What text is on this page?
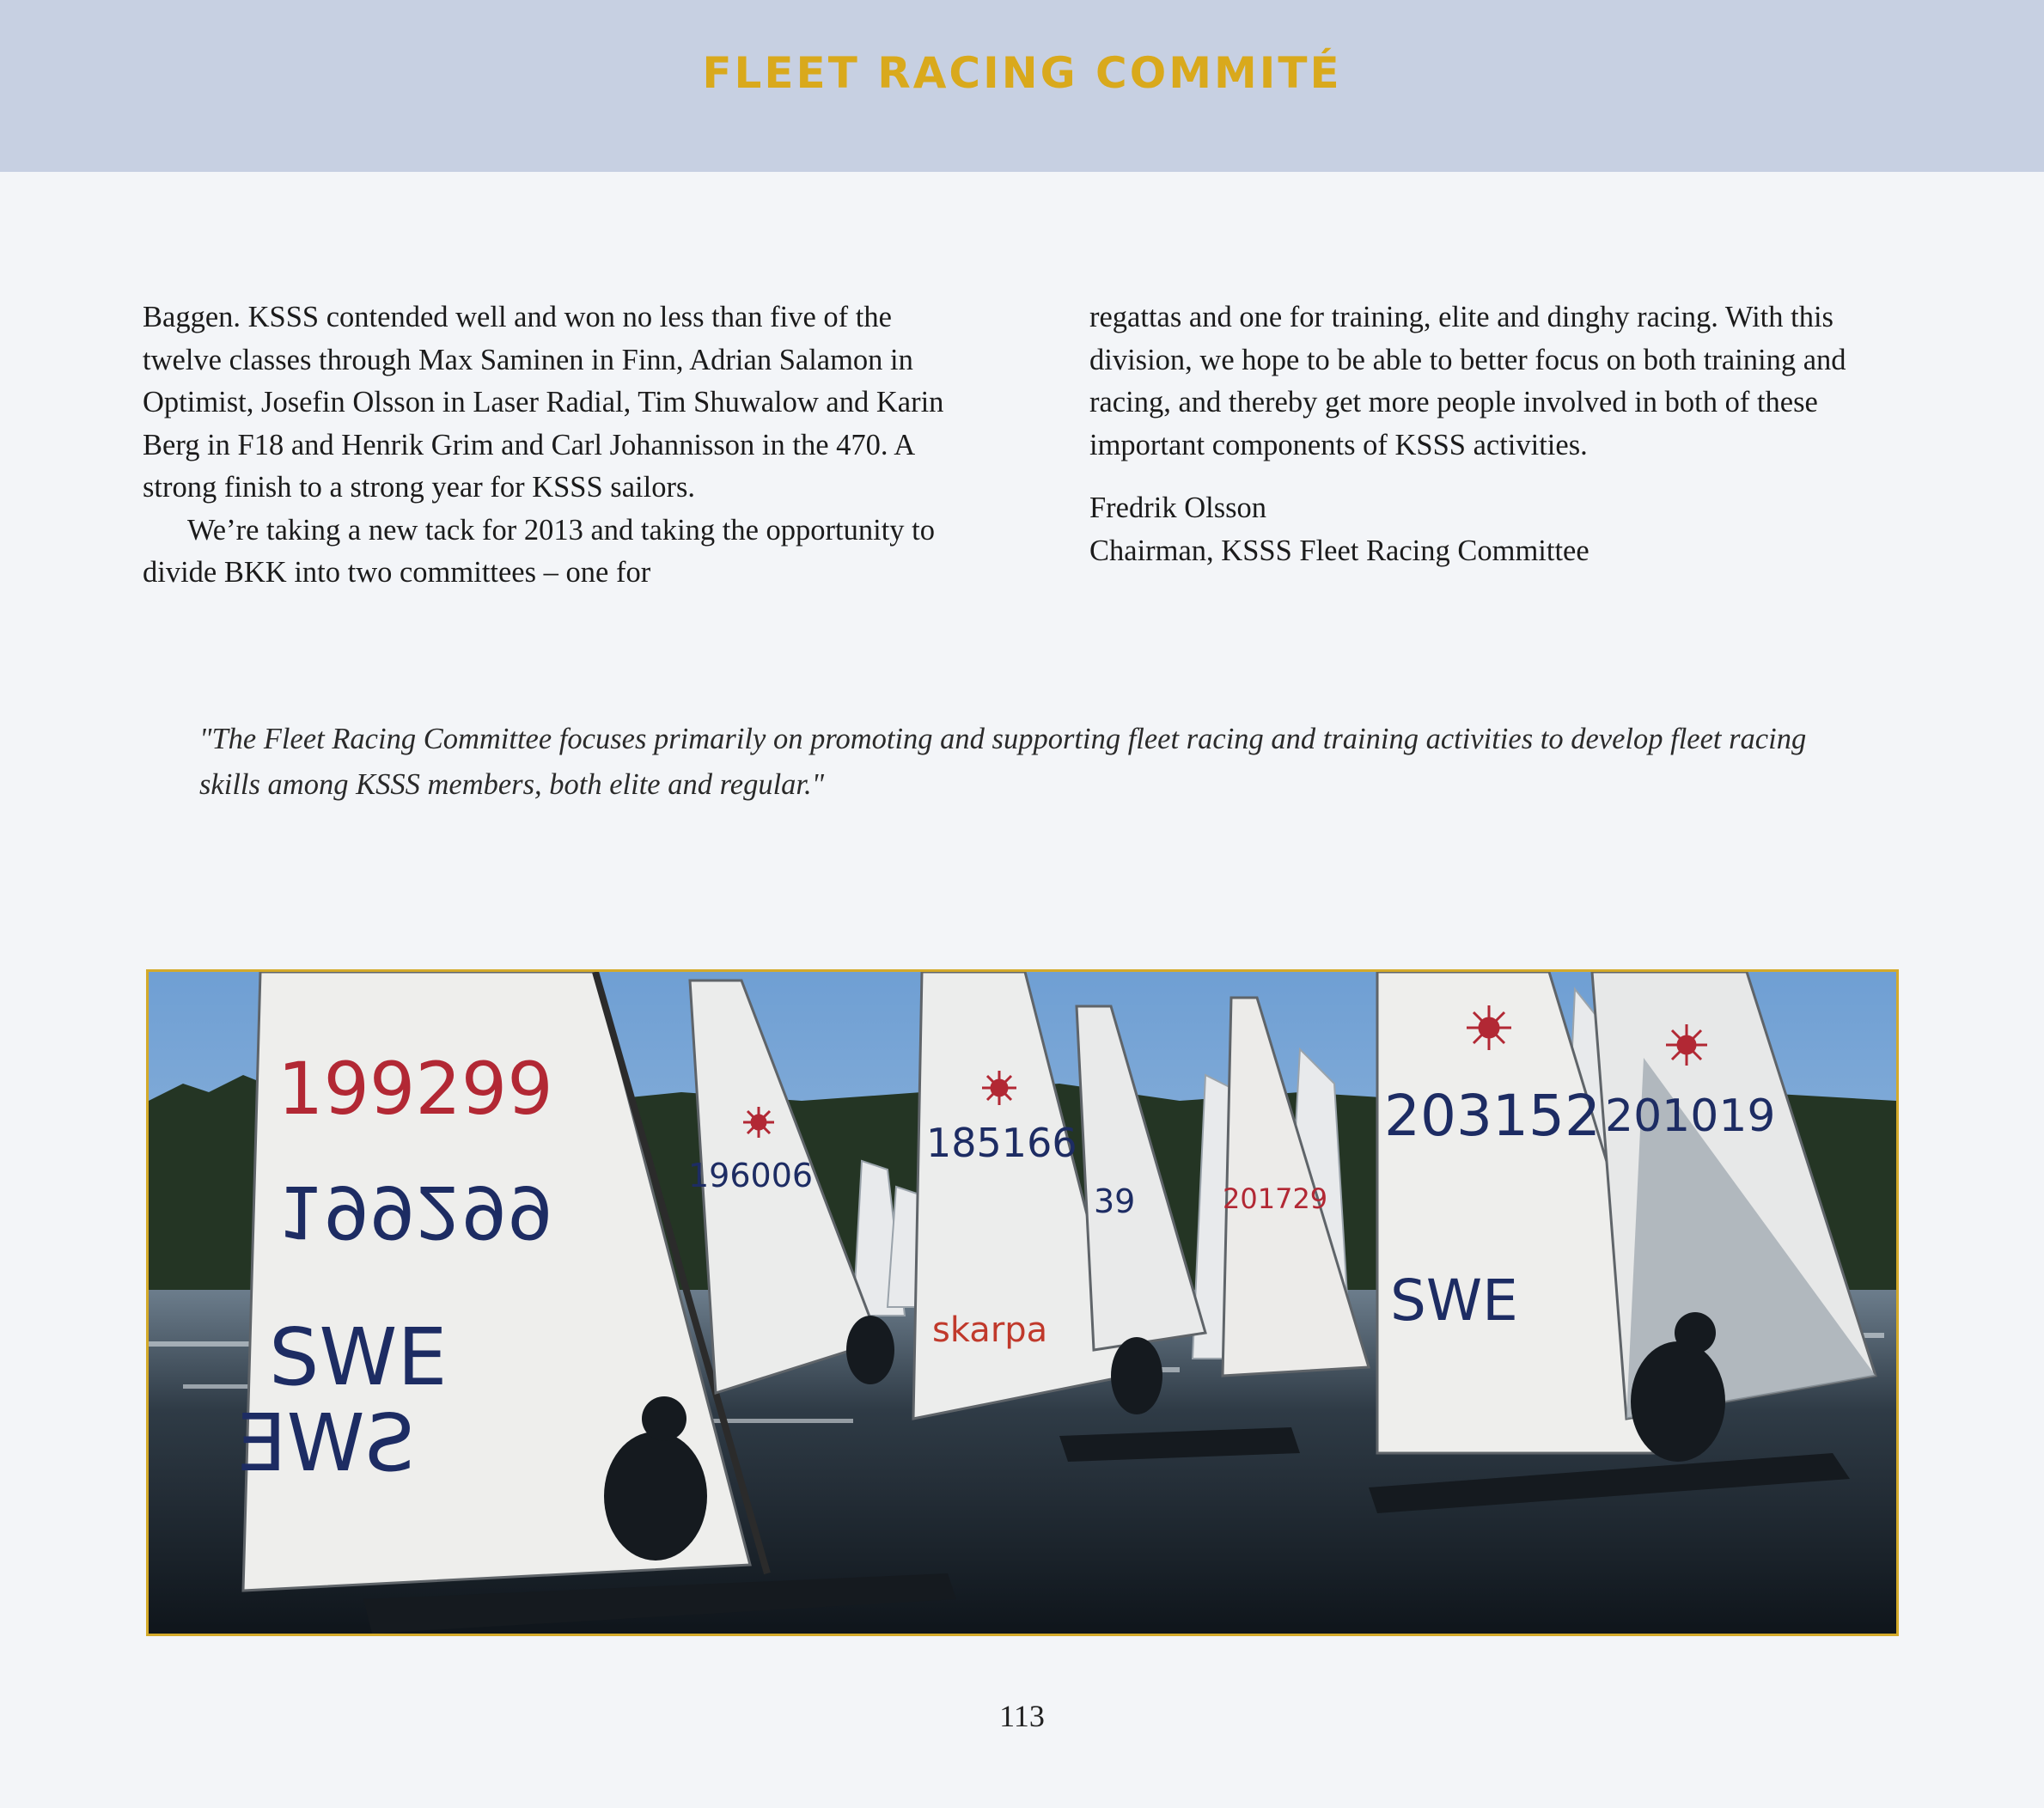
FLEET RACING COMMITÉ

Baggen. KSSS contended well and won no less than five of the twelve classes through Max Saminen in Finn, Adrian Salamon in Optimist, Josefin Olsson in Laser Radial, Tim Shuwalow and Karin Berg in F18 and Henrik Grim and Carl Johannisson in the 470. A strong finish to a strong year for KSSS sailors.

We’re taking a new tack for 2013 and taking the opportunity to divide BKK into two committees – one for

regattas and one for training, elite and dinghy racing. With this division, we hope to be able to better focus on both training and racing, and thereby get more people involved in both of these important components of KSSS activities.

Fredrik Olsson

Chairman, KSSS Fleet Racing Committee

"The Fleet Racing Committee focuses primarily on promoting and supporting fleet racing and training activities to develop fleet racing skills among KSSS members, both elite and regular."
199299
199299
SWE
SWE
196006
185166
skarpa
39	201729
203152
SWE
201019
113
